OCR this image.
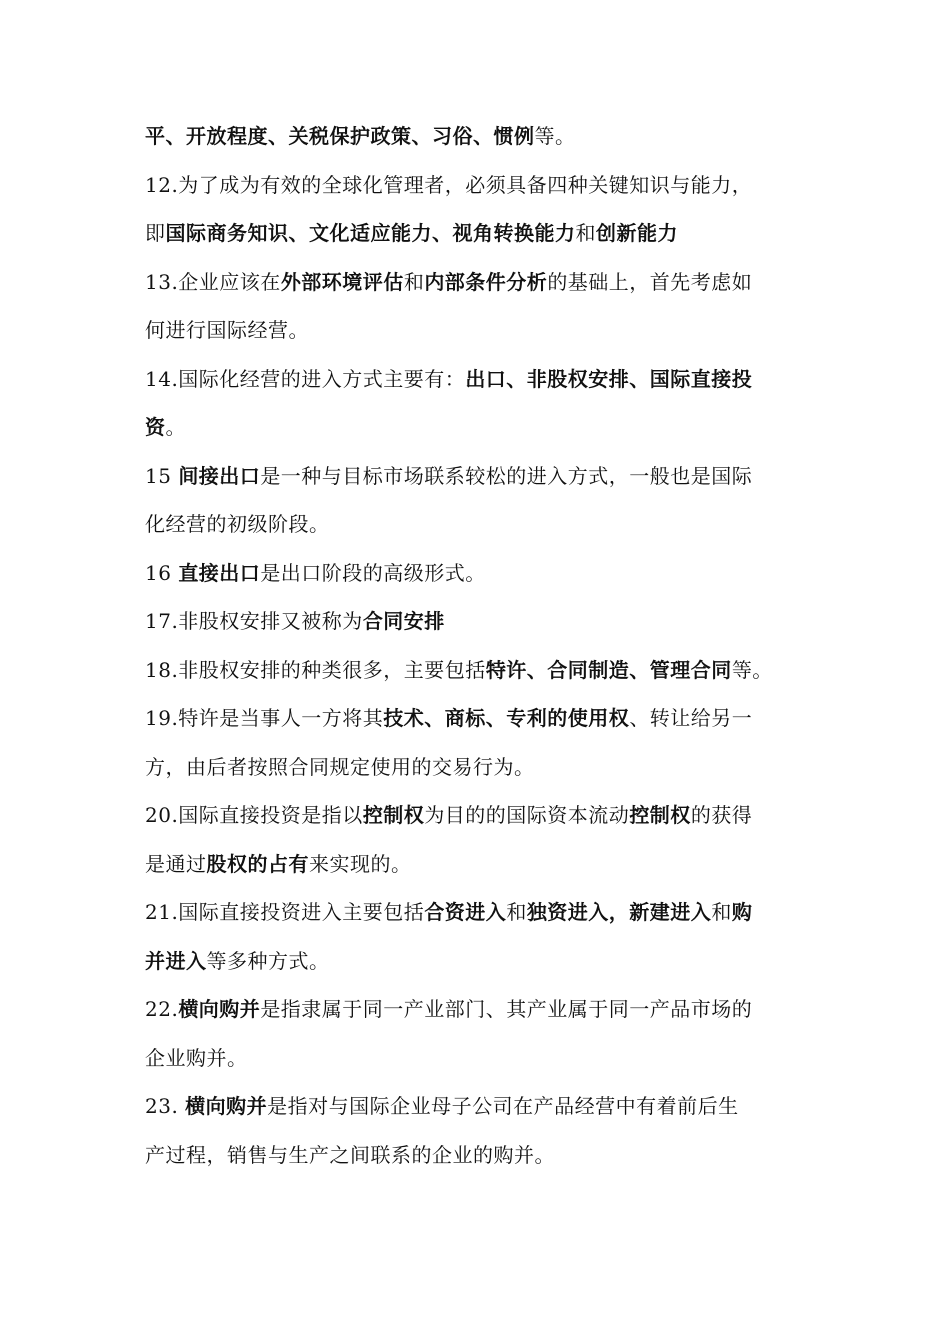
平、开放程度、关税保护政策、习俗、惯例等。
12.为了成为有效的全球化管理者，必须具备四种关键知识与能力，
即国际商务知识、文化适应能力、视角转换能力和创新能力
13.企业应该在外部环境评估和内部条件分析的基础上，首先考虑如
何进行国际经营。
14.国际化经营的进入方式主要有：出口、非股权安排、国际直接投
资。
15 间接出口是一种与目标市场联系较松的进入方式，一般也是国际
化经营的初级阶段。
16 直接出口是出口阶段的高级形式。
17.非股权安排又被称为合同安排
18.非股权安排的种类很多，主要包括特许、合同制造、管理合同等。
19.特许是当事人一方将其技术、商标、专利的使用权、转让给另一
方，由后者按照合同规定使用的交易行为。
20.国际直接投资是指以控制权为目的的国际资本流动控制权的获得
是通过股权的占有来实现的。
21.国际直接投资进入主要包括合资进入和独资进入，新建进入和购
并进入等多种方式。
22.横向购并是指隶属于同一产业部门、其产业属于同一产品市场的
企业购并。
23. 横向购并是指对与国际企业母子公司在产品经营中有着前后生
产过程，销售与生产之间联系的企业的购并。
